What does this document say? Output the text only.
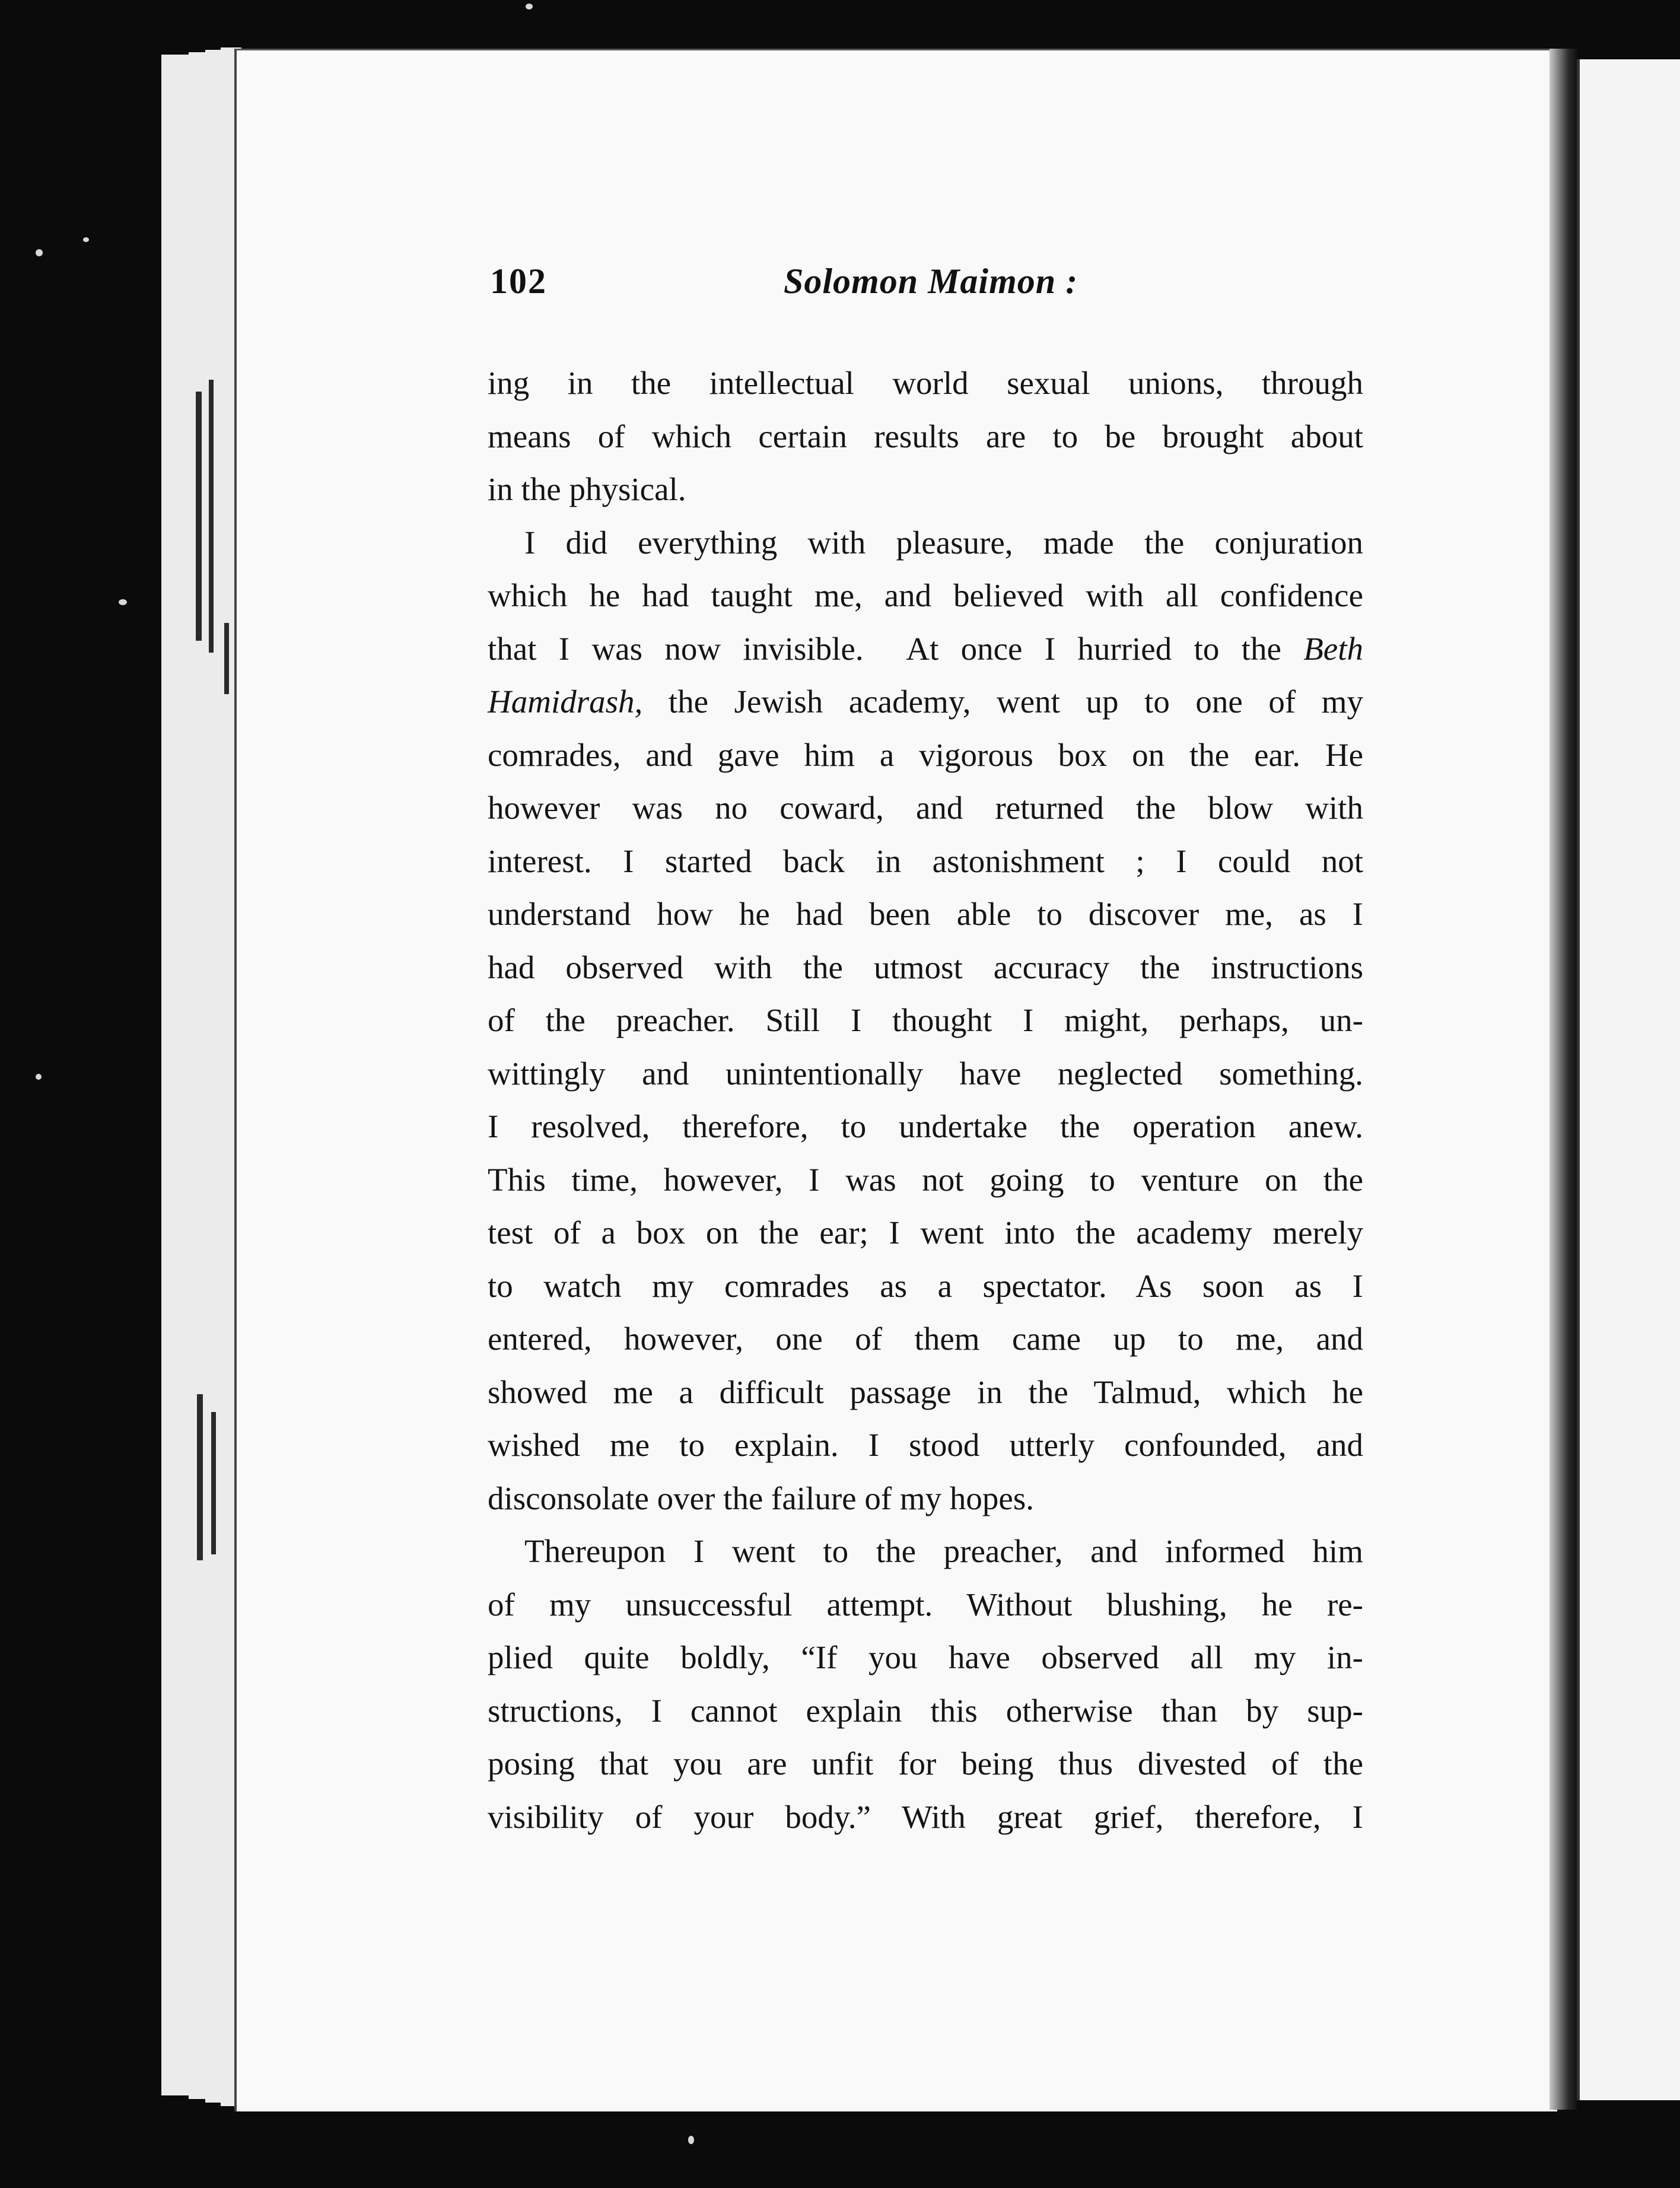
102	Solomon Maimon :
ing in the intellectual world sexual unions, through
means of which certain results are to be brought about
in the physical.
I did everything with pleasure, made the conjuration
which he had taught me, and believed with all confidence
that I was now invisible.  At once I hurried to the Beth
Hamidrash, the Jewish academy, went up to one of my
comrades, and gave him a vigorous box on the ear. He
however was no coward, and returned the blow with
interest. I started back in astonishment ; I could not
understand how he had been able to discover me, as I
had observed with the utmost accuracy the instructions
of the preacher. Still I thought I might, perhaps, un-
wittingly and unintentionally have neglected something.
I resolved, therefore, to undertake the operation anew.
This time, however, I was not going to venture on the
test of a box on the ear; I went into the academy merely
to watch my comrades as a spectator. As soon as I
entered, however, one of them came up to me, and
showed me a difficult passage in the Talmud, which he
wished me to explain. I stood utterly confounded, and
disconsolate over the failure of my hopes.
Thereupon I went to the preacher, and informed him
of my unsuccessful attempt. Without blushing, he re-
plied quite boldly, “If you have observed all my in-
structions, I cannot explain this otherwise than by sup-
posing that you are unfit for being thus divested of the
visibility of your body.” With great grief, therefore, I
